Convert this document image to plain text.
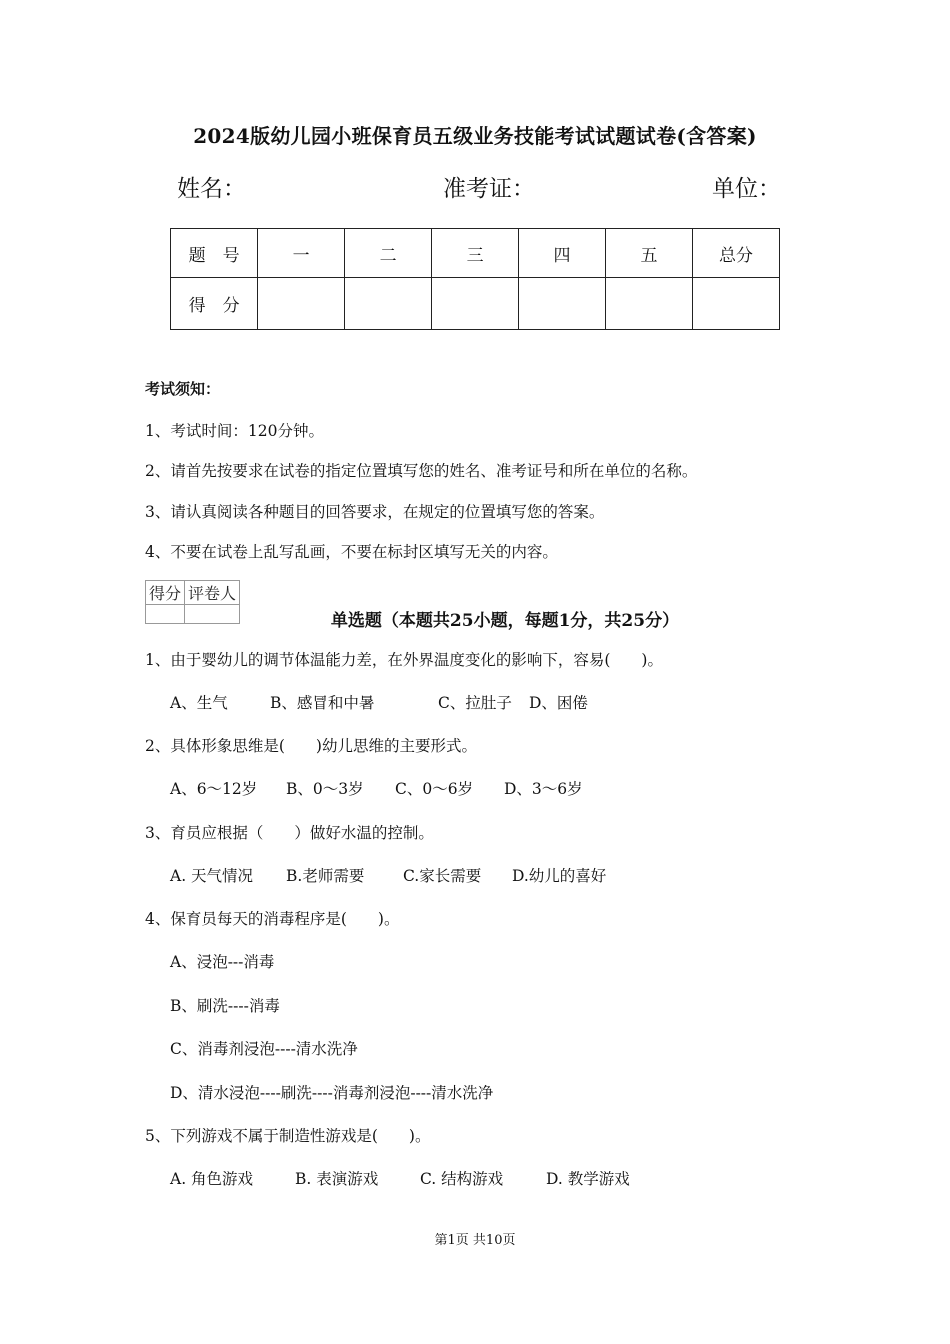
2024版幼儿园小班保育员五级业务技能考试试题试卷(含答案)
姓名：	准考证：	单位：
题　号	一	二	三	四	五	总分
得　分						
考试须知：
1、考试时间：120分钟。
2、请首先按要求在试卷的指定位置填写您的姓名、准考证号和所在单位的名称。
3、请认真阅读各种题目的回答要求，在规定的位置填写您的答案。
4、不要在试卷上乱写乱画，不要在标封区填写无关的内容。
得分	评卷人

单选题（本题共25小题，每题1分，共25分）
1、由于婴幼儿的调节体温能力差，在外界温度变化的影响下，容易(　　)。
A、生气	B、感冒和中暑	C、拉肚子 D、困倦
2、具体形象思维是(　　)幼儿思维的主要形式。
A、6～12岁 B、0～3岁 C、0～6岁 D、3～6岁
3、育员应根据（　　）做好水温的控制。
A. 天气情况 B.老师需要 C.家长需要 D.幼儿的喜好
4、保育员每天的消毒程序是(　　)。
A、浸泡---消毒
B、刷洗----消毒
C、消毒剂浸泡----清水洗净
D、清水浸泡----刷洗----消毒剂浸泡----清水洗净
5、下列游戏不属于制造性游戏是(　　)。
A. 角色游戏	B. 表演游戏	C. 结构游戏	D. 教学游戏
第1页 共10页
